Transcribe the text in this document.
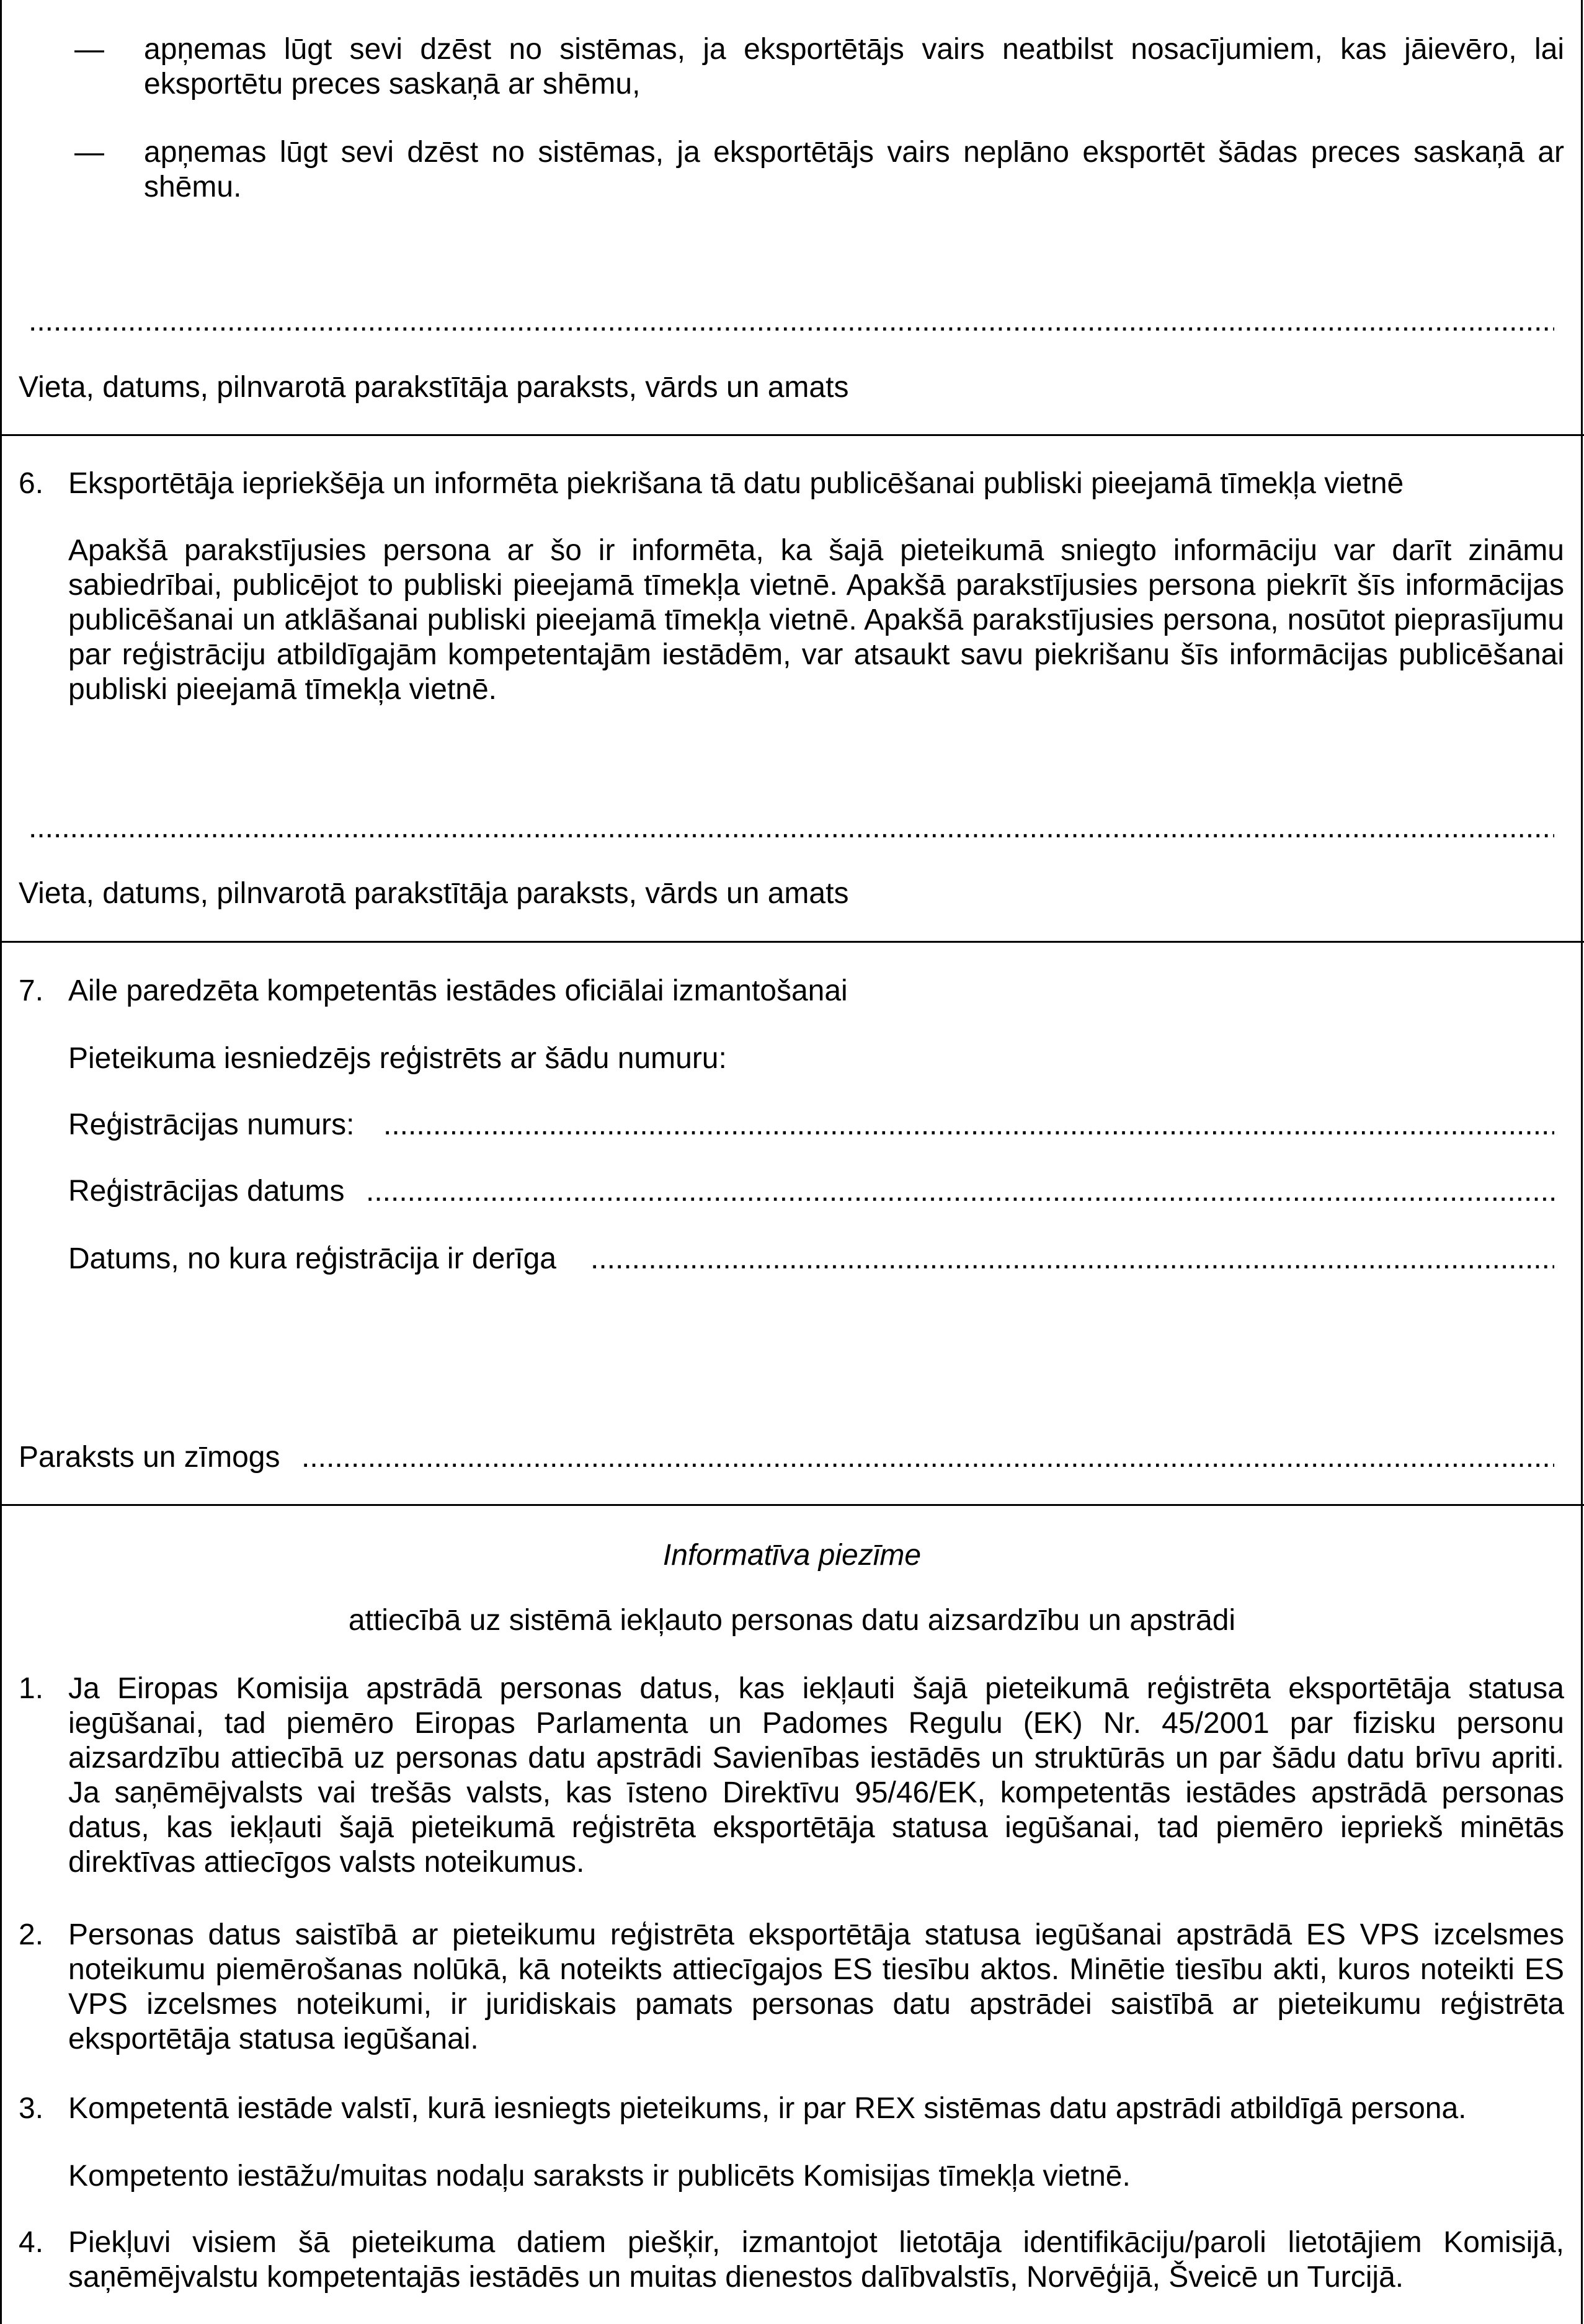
— apņemas lūgt sevi dzēst no sistēmas, ja eksportētājs vairs neatbilst nosacījumiem, kas jāievēro, lai eksportētu preces saskaņā ar shēmu,
— apņemas lūgt sevi dzēst no sistēmas, ja eksportētājs vairs neplāno eksportēt šādas preces saskaņā ar shēmu.
.....
Vieta, datums, pilnvarotā parakstītāja paraksts, vārds un amats
6. Eksportētāja iepriekšēja un informēta piekrišana tā datu publicēšanai publiski pieejamā tīmekļa vietnē
Apakšā parakstījusies persona ar šo ir informēta, ka šajā pieteikumā sniegto informāciju var darīt zināmu sabiedrībai, publicējot to publiski pieejamā tīmekļa vietnē. Apakšā parakstījusies persona piekrīt šīs informācijas publicēšanai un atklāšanai publiski pieejamā tīmekļa vietnē. Apakšā parakstījusies persona, nosūtot pieprasījumu par reģistrāciju atbildīgajām kompetentajām iestādēm, var atsaukt savu piekrišanu šīs informācijas publicēšanai publiski pieejamā tīmekļa vietnē.
.....
Vieta, datums, pilnvarotā parakstītāja paraksts, vārds un amats
7. Aile paredzēta kompetentās iestādes oficiālai izmantošanai
Pieteikuma iesniedzējs reģistrēts ar šādu numuru:
Reģistrācijas numurs:
.....
Reģistrācijas datums
.....
Datums, no kura reģistrācija ir derīga
.....
Paraksts un zīmogs
.....
Informatīva piezīme
attiecībā uz sistēmā iekļauto personas datu aizsardzību un apstrādi
1. Ja Eiropas Komisija apstrādā personas datus, kas iekļauti šajā pieteikumā reģistrēta eksportētāja statusa iegūšanai, tad piemēro Eiropas Parlamenta un Padomes Regulu (EK) Nr. 45/2001 par fizisku personu aizsardzību attiecībā uz personas datu apstrādi Savienības iestādēs un struktūrās un par šādu datu brīvu apriti. Ja saņēmējvalsts vai trešās valsts, kas īsteno Direktīvu 95/46/EK, kompetentās iestādes apstrādā personas datus, kas iekļauti šajā pieteikumā reģistrēta eksportētāja statusa iegūšanai, tad piemēro iepriekš minētās direktīvas attiecīgos valsts noteikumus.
2. Personas datus saistībā ar pieteikumu reģistrēta eksportētāja statusa iegūšanai apstrādā ES VPS izcelsmes noteikumu piemērošanas nolūkā, kā noteikts attiecīgajos ES tiesību aktos. Minētie tiesību akti, kuros noteikti ES VPS izcelsmes noteikumi, ir juridiskais pamats personas datu apstrādei saistībā ar pieteikumu reģistrēta eksportētāja statusa iegūšanai.
3. Kompetentā iestāde valstī, kurā iesniegts pieteikums, ir par REX sistēmas datu apstrādi atbildīgā persona.
Kompetento iestāžu/muitas nodaļu saraksts ir publicēts Komisijas tīmekļa vietnē.
4. Piekļuvi visiem šā pieteikuma datiem piešķir, izmantojot lietotāja identifikāciju/paroli lietotājiem Komisijā, saņēmējvalstu kompetentajās iestādēs un muitas dienestos dalībvalstīs, Norvēģijā, Šveicē un Turcijā.
